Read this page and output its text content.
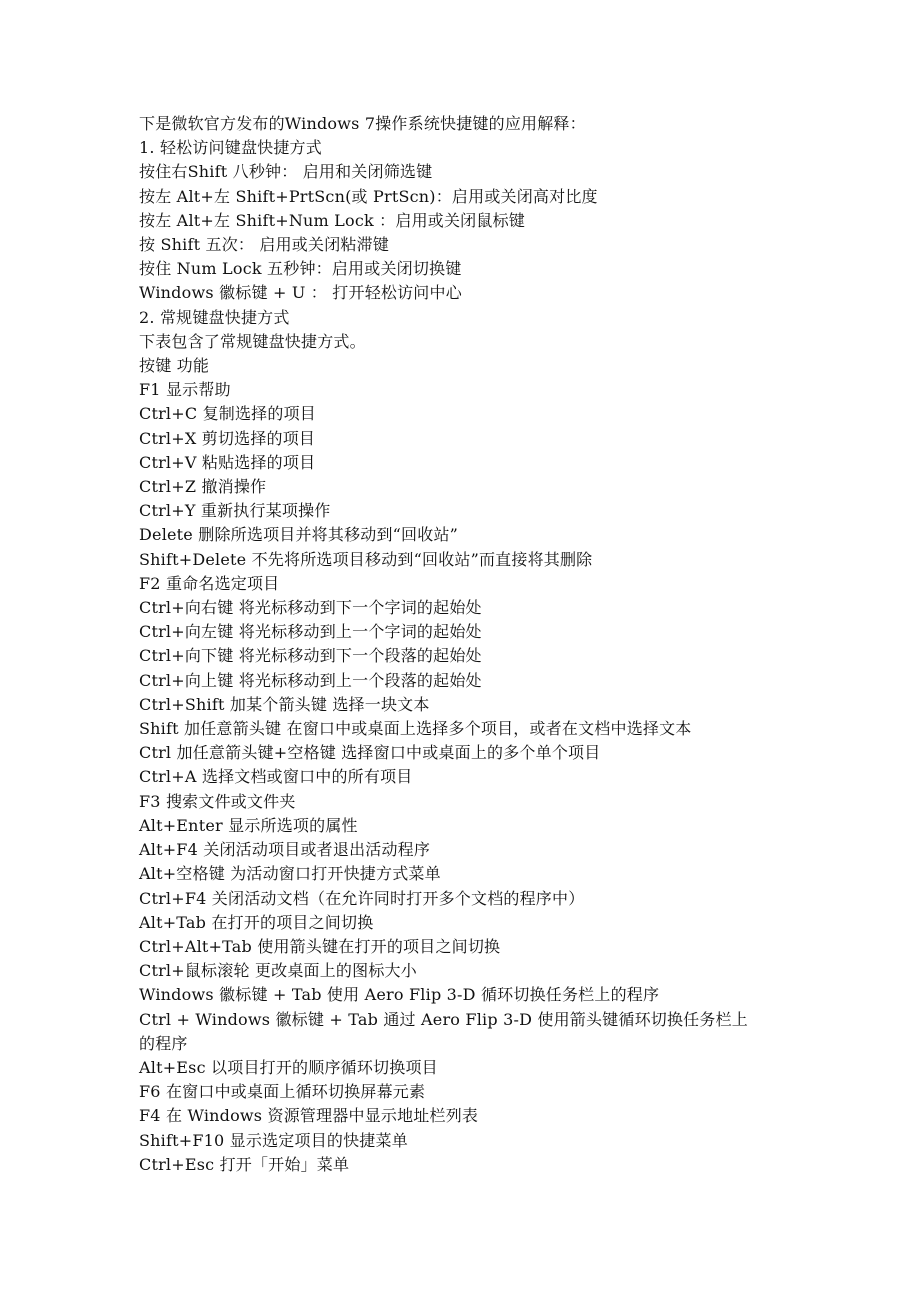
下是微软官方发布的Windows 7操作系统快捷键的应用解释：
1. 轻松访问键盘快捷方式
按住右Shift 八秒钟： 启用和关闭筛选键
按左 Alt+左 Shift+PrtScn(或 PrtScn)：启用或关闭高对比度
按左 Alt+左 Shift+Num Lock ：启用或关闭鼠标键
按 Shift 五次： 启用或关闭粘滞键
按住 Num Lock 五秒钟：启用或关闭切换键
Windows 徽标键 + U ： 打开轻松访问中心
2. 常规键盘快捷方式
下表包含了常规键盘快捷方式。
按键 功能
F1 显示帮助
Ctrl+C 复制选择的项目
Ctrl+X 剪切选择的项目
Ctrl+V 粘贴选择的项目
Ctrl+Z 撤消操作
Ctrl+Y 重新执行某项操作
Delete 删除所选项目并将其移动到“回收站”
Shift+Delete 不先将所选项目移动到“回收站”而直接将其删除
F2 重命名选定项目
Ctrl+向右键 将光标移动到下一个字词的起始处
Ctrl+向左键 将光标移动到上一个字词的起始处
Ctrl+向下键 将光标移动到下一个段落的起始处
Ctrl+向上键 将光标移动到上一个段落的起始处
Ctrl+Shift 加某个箭头键 选择一块文本
Shift 加任意箭头键 在窗口中或桌面上选择多个项目，或者在文档中选择文本
Ctrl 加任意箭头键+空格键 选择窗口中或桌面上的多个单个项目
Ctrl+A 选择文档或窗口中的所有项目
F3 搜索文件或文件夹
Alt+Enter 显示所选项的属性
Alt+F4 关闭活动项目或者退出活动程序
Alt+空格键 为活动窗口打开快捷方式菜单
Ctrl+F4 关闭活动文档（在允许同时打开多个文档的程序中）
Alt+Tab 在打开的项目之间切换
Ctrl+Alt+Tab 使用箭头键在打开的项目之间切换
Ctrl+鼠标滚轮 更改桌面上的图标大小
Windows 徽标键 + Tab 使用 Aero Flip 3-D 循环切换任务栏上的程序
Ctrl + Windows 徽标键 + Tab 通过 Aero Flip 3-D 使用箭头键循环切换任务栏上
的程序
Alt+Esc 以项目打开的顺序循环切换项目
F6 在窗口中或桌面上循环切换屏幕元素
F4 在 Windows 资源管理器中显示地址栏列表
Shift+F10 显示选定项目的快捷菜单
Ctrl+Esc 打开「开始」菜单
